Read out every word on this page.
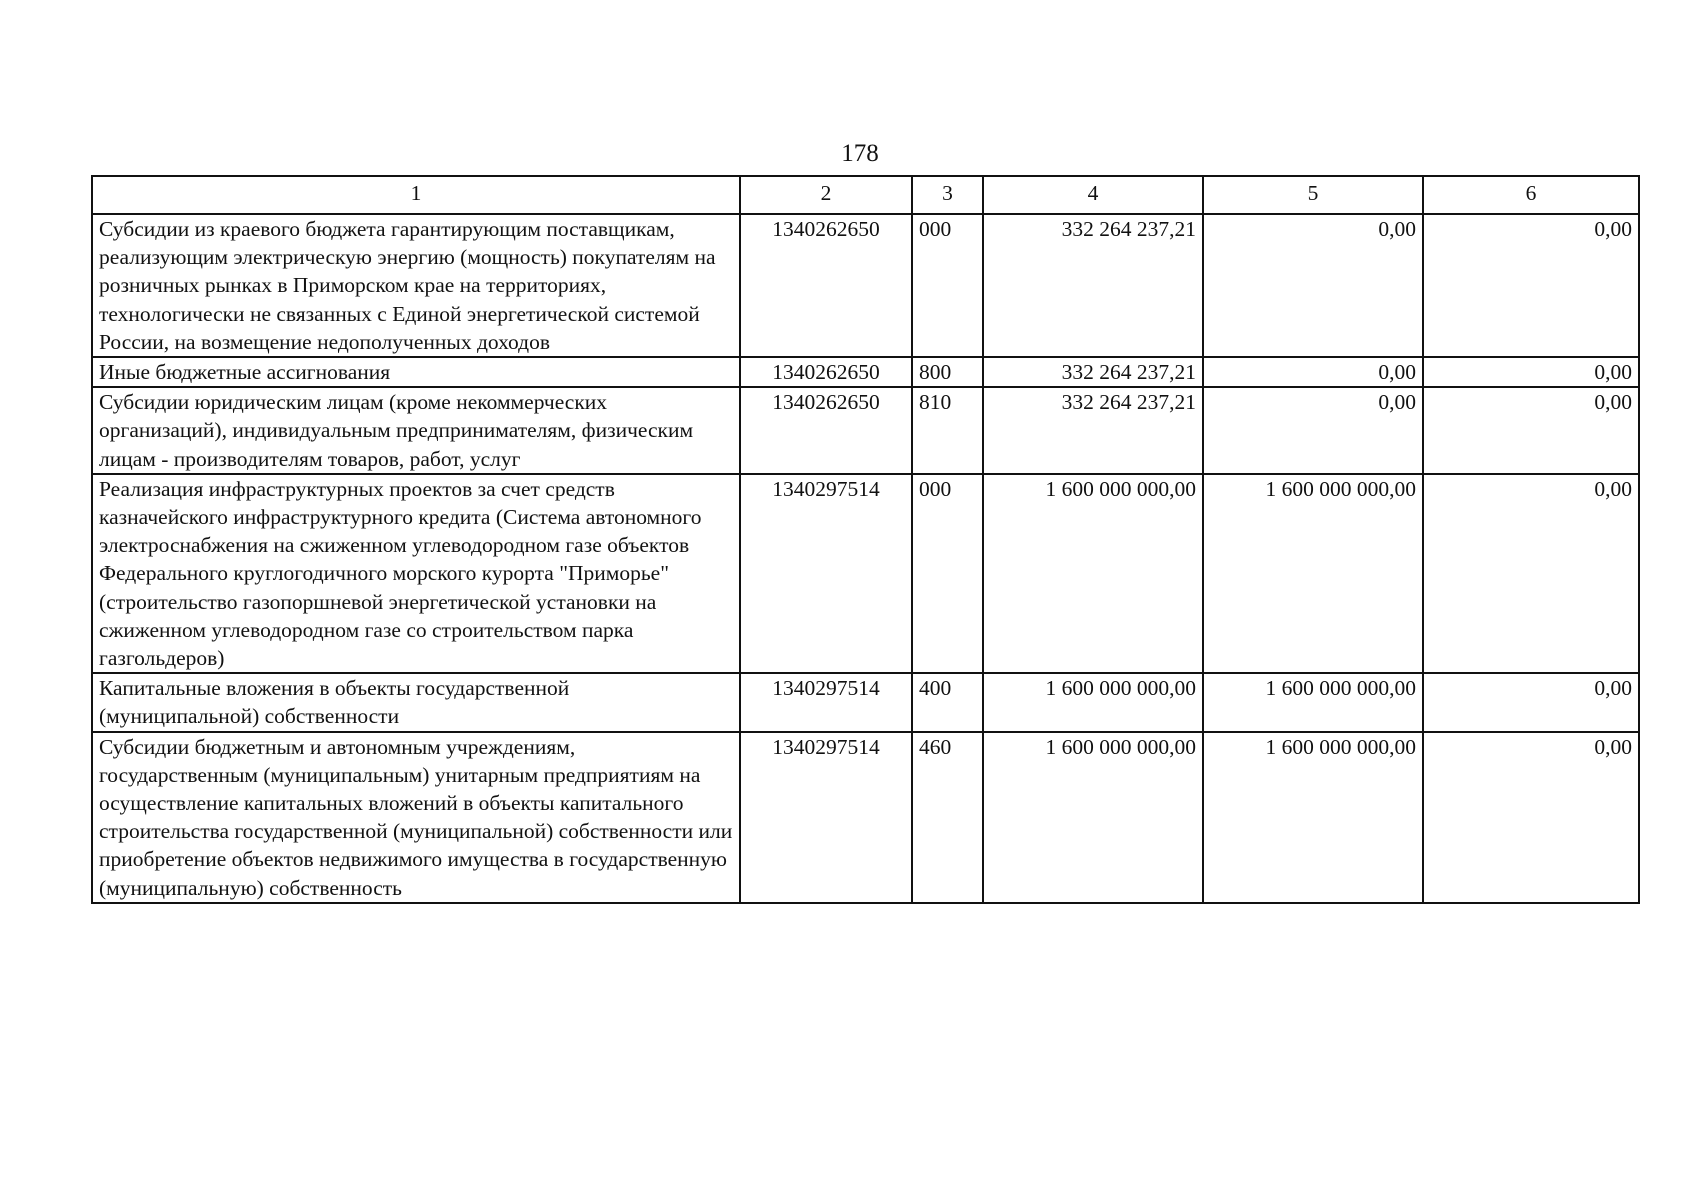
178
1	2	3	4	5	6
Субсидии из краевого бюджета гарантирующим поставщикам, реализующим электрическую энергию (мощность) покупателям на розничных рынках в Приморском крае на территориях, технологически не связанных с Единой энергетической системой России, на возмещение недополученных доходов	1340262650	000	332 264 237,21	0,00	0,00
Иные бюджетные ассигнования	1340262650	800	332 264 237,21	0,00	0,00
Субсидии юридическим лицам (кроме некоммерческих организаций), индивидуальным предпринимателям, физическим лицам - производителям товаров, работ, услуг	1340262650	810	332 264 237,21	0,00	0,00
Реализация инфраструктурных проектов за счет средств казначейского инфраструктурного кредита (Система автономного электроснабжения на сжиженном углеводородном газе объектов Федерального круглогодичного морского курорта "Приморье" (строительство газопоршневой энергетической установки на сжиженном углеводородном газе со строительством парка газгольдеров)	1340297514	000	1 600 000 000,00	1 600 000 000,00	0,00
Капитальные вложения в объекты государственной (муниципальной) собственности	1340297514	400	1 600 000 000,00	1 600 000 000,00	0,00
Субсидии бюджетным и автономным учреждениям, государственным (муниципальным) унитарным предприятиям на осуществление капитальных вложений в объекты капитального строительства государственной (муниципальной) собственности или приобретение объектов недвижимого имущества в государственную (муниципальную) собственность	1340297514	460	1 600 000 000,00	1 600 000 000,00	0,00
